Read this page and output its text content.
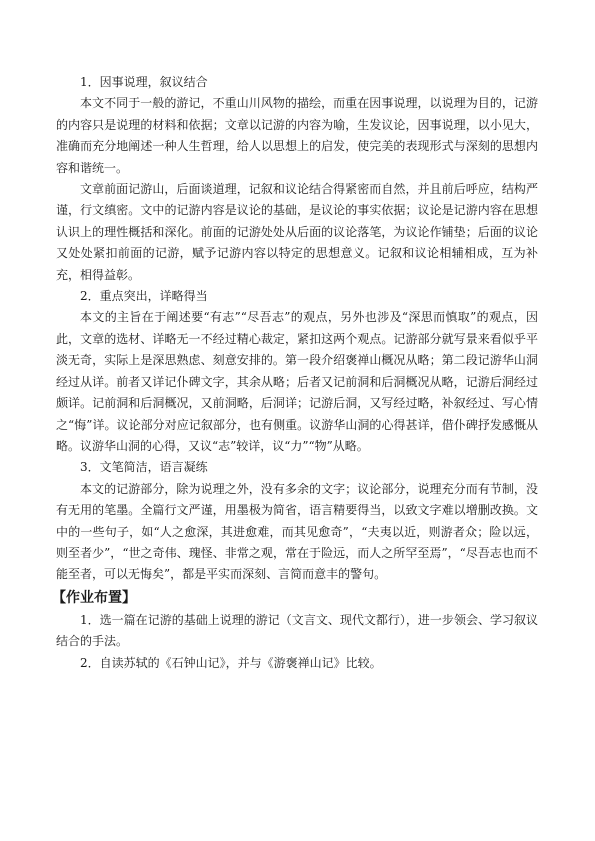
1．因事说理，叙议结合

本文不同于一般的游记，不重山川风物的描绘，而重在因事说理，以说理为目的，记游的内容只是说理的材料和依据；文章以记游的内容为喻，生发议论，因事说理，以小见大，准确而充分地阐述一种人生哲理，给人以思想上的启发，使完美的表现形式与深刻的思想内容和谐统一。

文章前面记游山，后面谈道理，记叙和议论结合得紧密而自然，并且前后呼应，结构严谨，行文缜密。文中的记游内容是议论的基础，是议论的事实依据；议论是记游内容在思想认识上的理性概括和深化。前面的记游处处从后面的议论落笔，为议论作铺垫；后面的议论又处处紧扣前面的记游，赋予记游内容以特定的思想意义。记叙和议论相辅相成，互为补充，相得益彰。

2．重点突出，详略得当

本文的主旨在于阐述要“有志”“尽吾志”的观点，另外也涉及“深思而慎取”的观点，因此，文章的选材、详略无一不经过精心裁定，紧扣这两个观点。记游部分就写景来看似乎平淡无奇，实际上是深思熟虑、刻意安排的。第一段介绍褒禅山概况从略；第二段记游华山洞经过从详。前者又详记仆碑文字，其余从略；后者又记前洞和后洞概况从略，记游后洞经过颇详。记前洞和后洞概况，又前洞略，后洞详；记游后洞，又写经过略，补叙经过、写心情之“悔”详。议论部分对应记叙部分，也有侧重。议游华山洞的心得甚详，借仆碑抒发感慨从略。议游华山洞的心得，又议“志”较详，议“力”“物”从略。

3．文笔简洁，语言凝练

本文的记游部分，除为说理之外，没有多余的文字；议论部分，说理充分而有节制，没有无用的笔墨。全篇行文严谨，用墨极为简省，语言精要得当，以致文字难以增删改换。文中的一些句子，如“人之愈深，其进愈难，而其见愈奇”，“夫夷以近，则游者众；险以远，则至者少”，“世之奇伟、瑰怪、非常之观，常在于险远，而人之所罕至焉”，“尽吾志也而不能至者，可以无悔矣”，都是平实而深刻、言简而意丰的警句。

【作业布置】

1．选一篇在记游的基础上说理的游记（文言文、现代文都行），进一步领会、学习叙议结合的手法。

2．自读苏轼的《石钟山记》，并与《游褒禅山记》比较。
